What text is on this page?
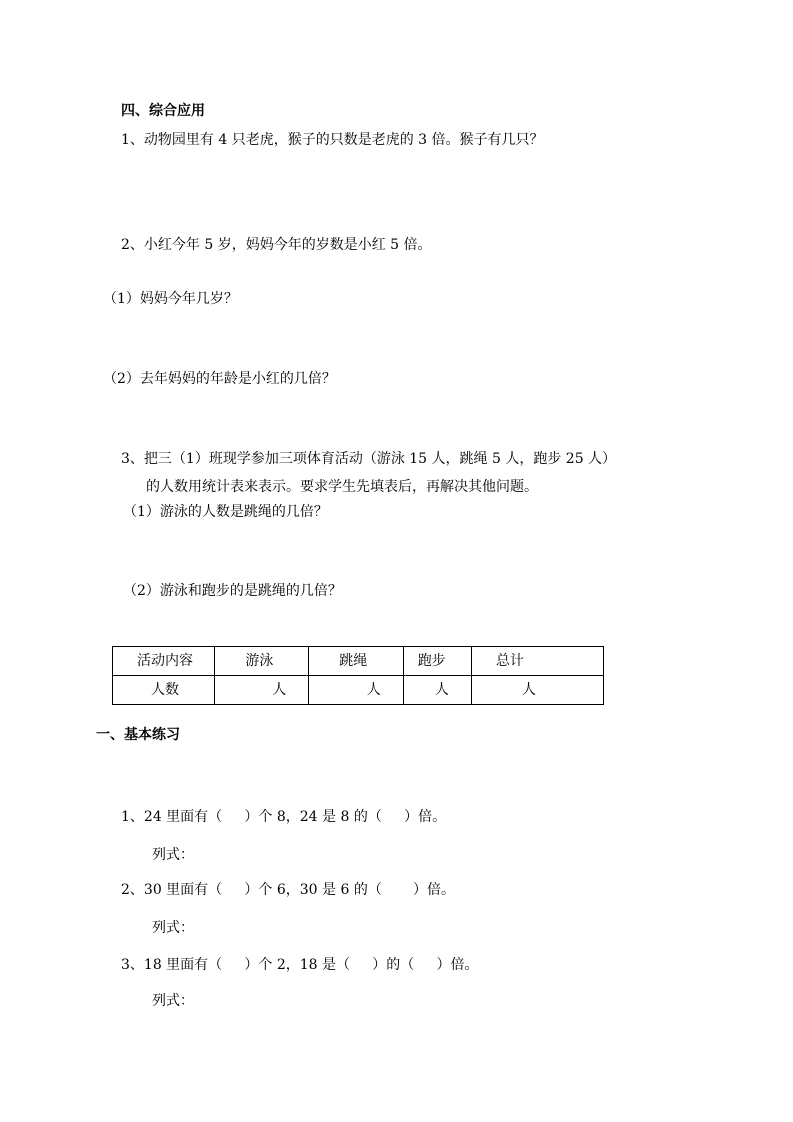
四、综合应用
1、动物园里有 4 只老虎，猴子的只数是老虎的 3 倍。猴子有几只？
2、小红今年 5 岁，妈妈今年的岁数是小红 5 倍。
（1）妈妈今年几岁？
（2）去年妈妈的年龄是小红的几倍？
3、把三（1）班现学参加三项体育活动（游泳 15 人，跳绳 5 人，跑步 25 人）
的人数用统计表来表示。要求学生先填表后，再解决其他问题。
（1）游泳的人数是跳绳的几倍？
（2）游泳和跑步的是跳绳的几倍？
活动内容	游泳	跳绳	跑步	总计
人数	人	人	人	人
一、基本练习
1、24 里面有（     ）个 8，24 是 8 的（     ）倍。
列式：
2、30 里面有（     ）个 6，30 是 6 的（       ）倍。
列式：
3、18 里面有（     ）个 2，18 是（     ）的（     ）倍。
列式：
